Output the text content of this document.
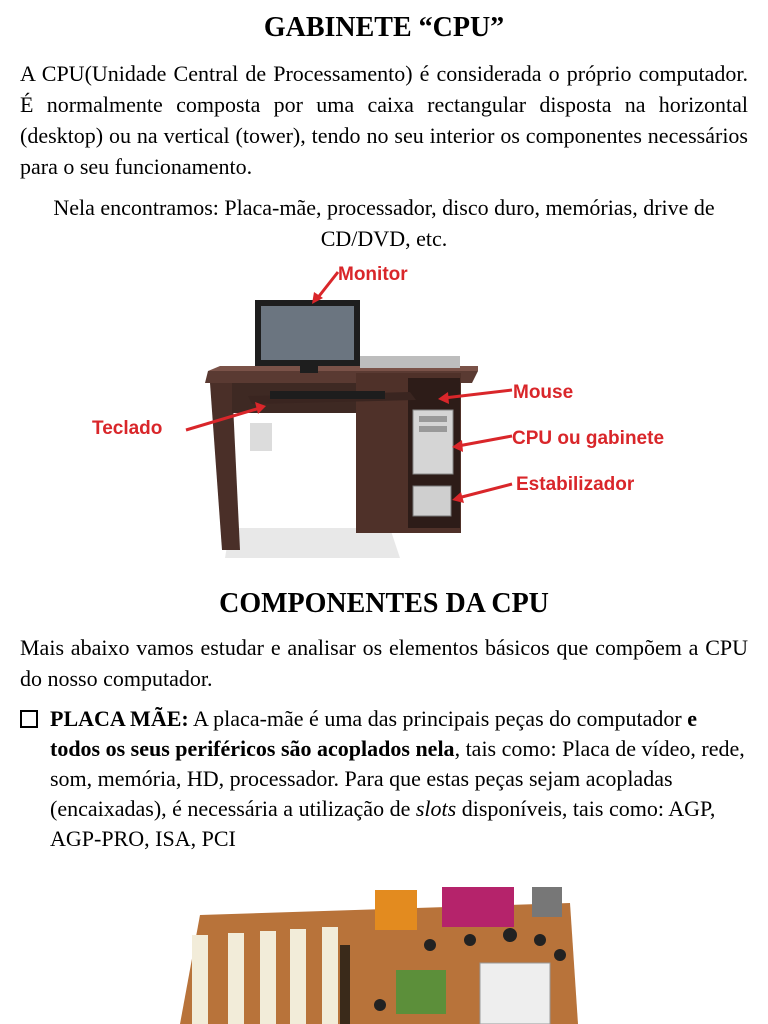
GABINETE “CPU”

A CPU(Unidade Central de Processamento) é considerada o próprio computador. É normalmente composta por uma caixa rectangular disposta na horizontal (desktop) ou na vertical (tower), tendo no seu interior os componentes necessários para o seu funcionamento.

Nela encontramos: Placa-mãe, processador, disco duro, memórias, drive de CD/DVD, etc.

Monitor
Mouse
Teclado	CPU ou gabinete
Estabilizador
COMPONENTES DA CPU

Mais abaixo vamos estudar e analisar os elementos básicos que compõem a CPU do nosso computador.

PLACA MÃE: A placa-mãe é uma das principais peças do computador e todos os seus periféricos são acoplados nela, tais como: Placa de vídeo, rede, som, memória, HD, processador. Para que estas peças sejam acopladas (encaixadas), é necessária a utilização de slots disponíveis, tais como: AGP, AGP-PRO, ISA, PCI
